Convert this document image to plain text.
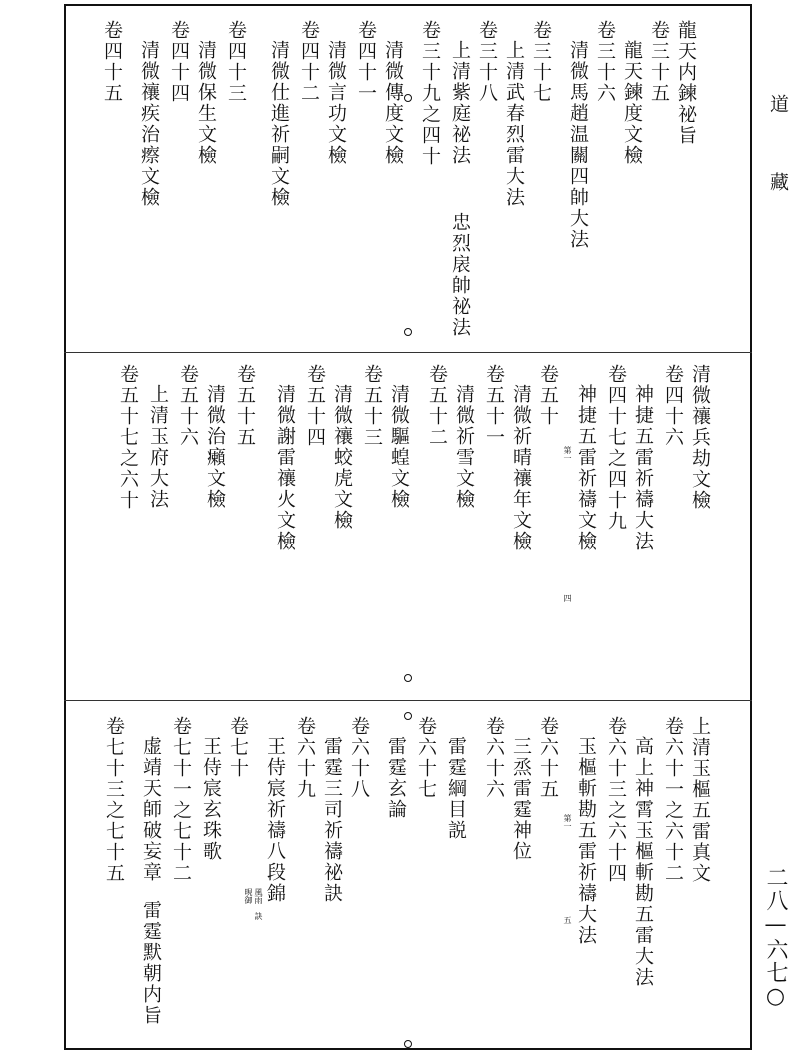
龍天内鍊祕旨
卷三十五
龍天鍊度文檢
卷三十六
清微馬趙温關四帥大法
卷三十七
上清武春烈雷大法
卷三十八
上清紫庭祕法
忠烈扆帥祕法
卷三十九之四十
清微傳度文檢
卷四十一
清微言功文檢
卷四十二
清微仕進祈嗣文檢
卷四十三
清微保生文檢
卷四十四
清微禳疾治瘵文檢
卷四十五
清微禳兵劫文檢
卷四十六
神捷五雷祈禱大法
卷四十七之四十九
神捷五雷祈禱文檢
第一
卷五十
清微祈晴禳年文檢
四
卷五十一
清微祈雪文檢
卷五十二
清微驅蝗文檢
卷五十三
清微禳蛟虎文檢
卷五十四
清微謝雷禳火文檢
卷五十五
清微治癩文檢
卷五十六
上清玉府大法
卷五十七之六十
上清玉樞五雷真文
卷六十一之六十二
高上神霄玉樞斬勘五雷大法
卷六十三之六十四
玉樞斬勘五雷祈禱大法
第一
五
卷六十五
三烝雷霆神位
卷六十六
雷霆綱目説
卷六十七
雷霆玄論
卷六十八
雷霆三司祈禱祕訣
卷六十九
王侍宸祈禱八段錦
風雨
晛御
訣
卷七十
王侍宸玄珠歌
卷七十一之七十二
虚靖天師破妄章
雷霆默朝内旨
卷七十三之七十五
道
藏
二八—六七○
